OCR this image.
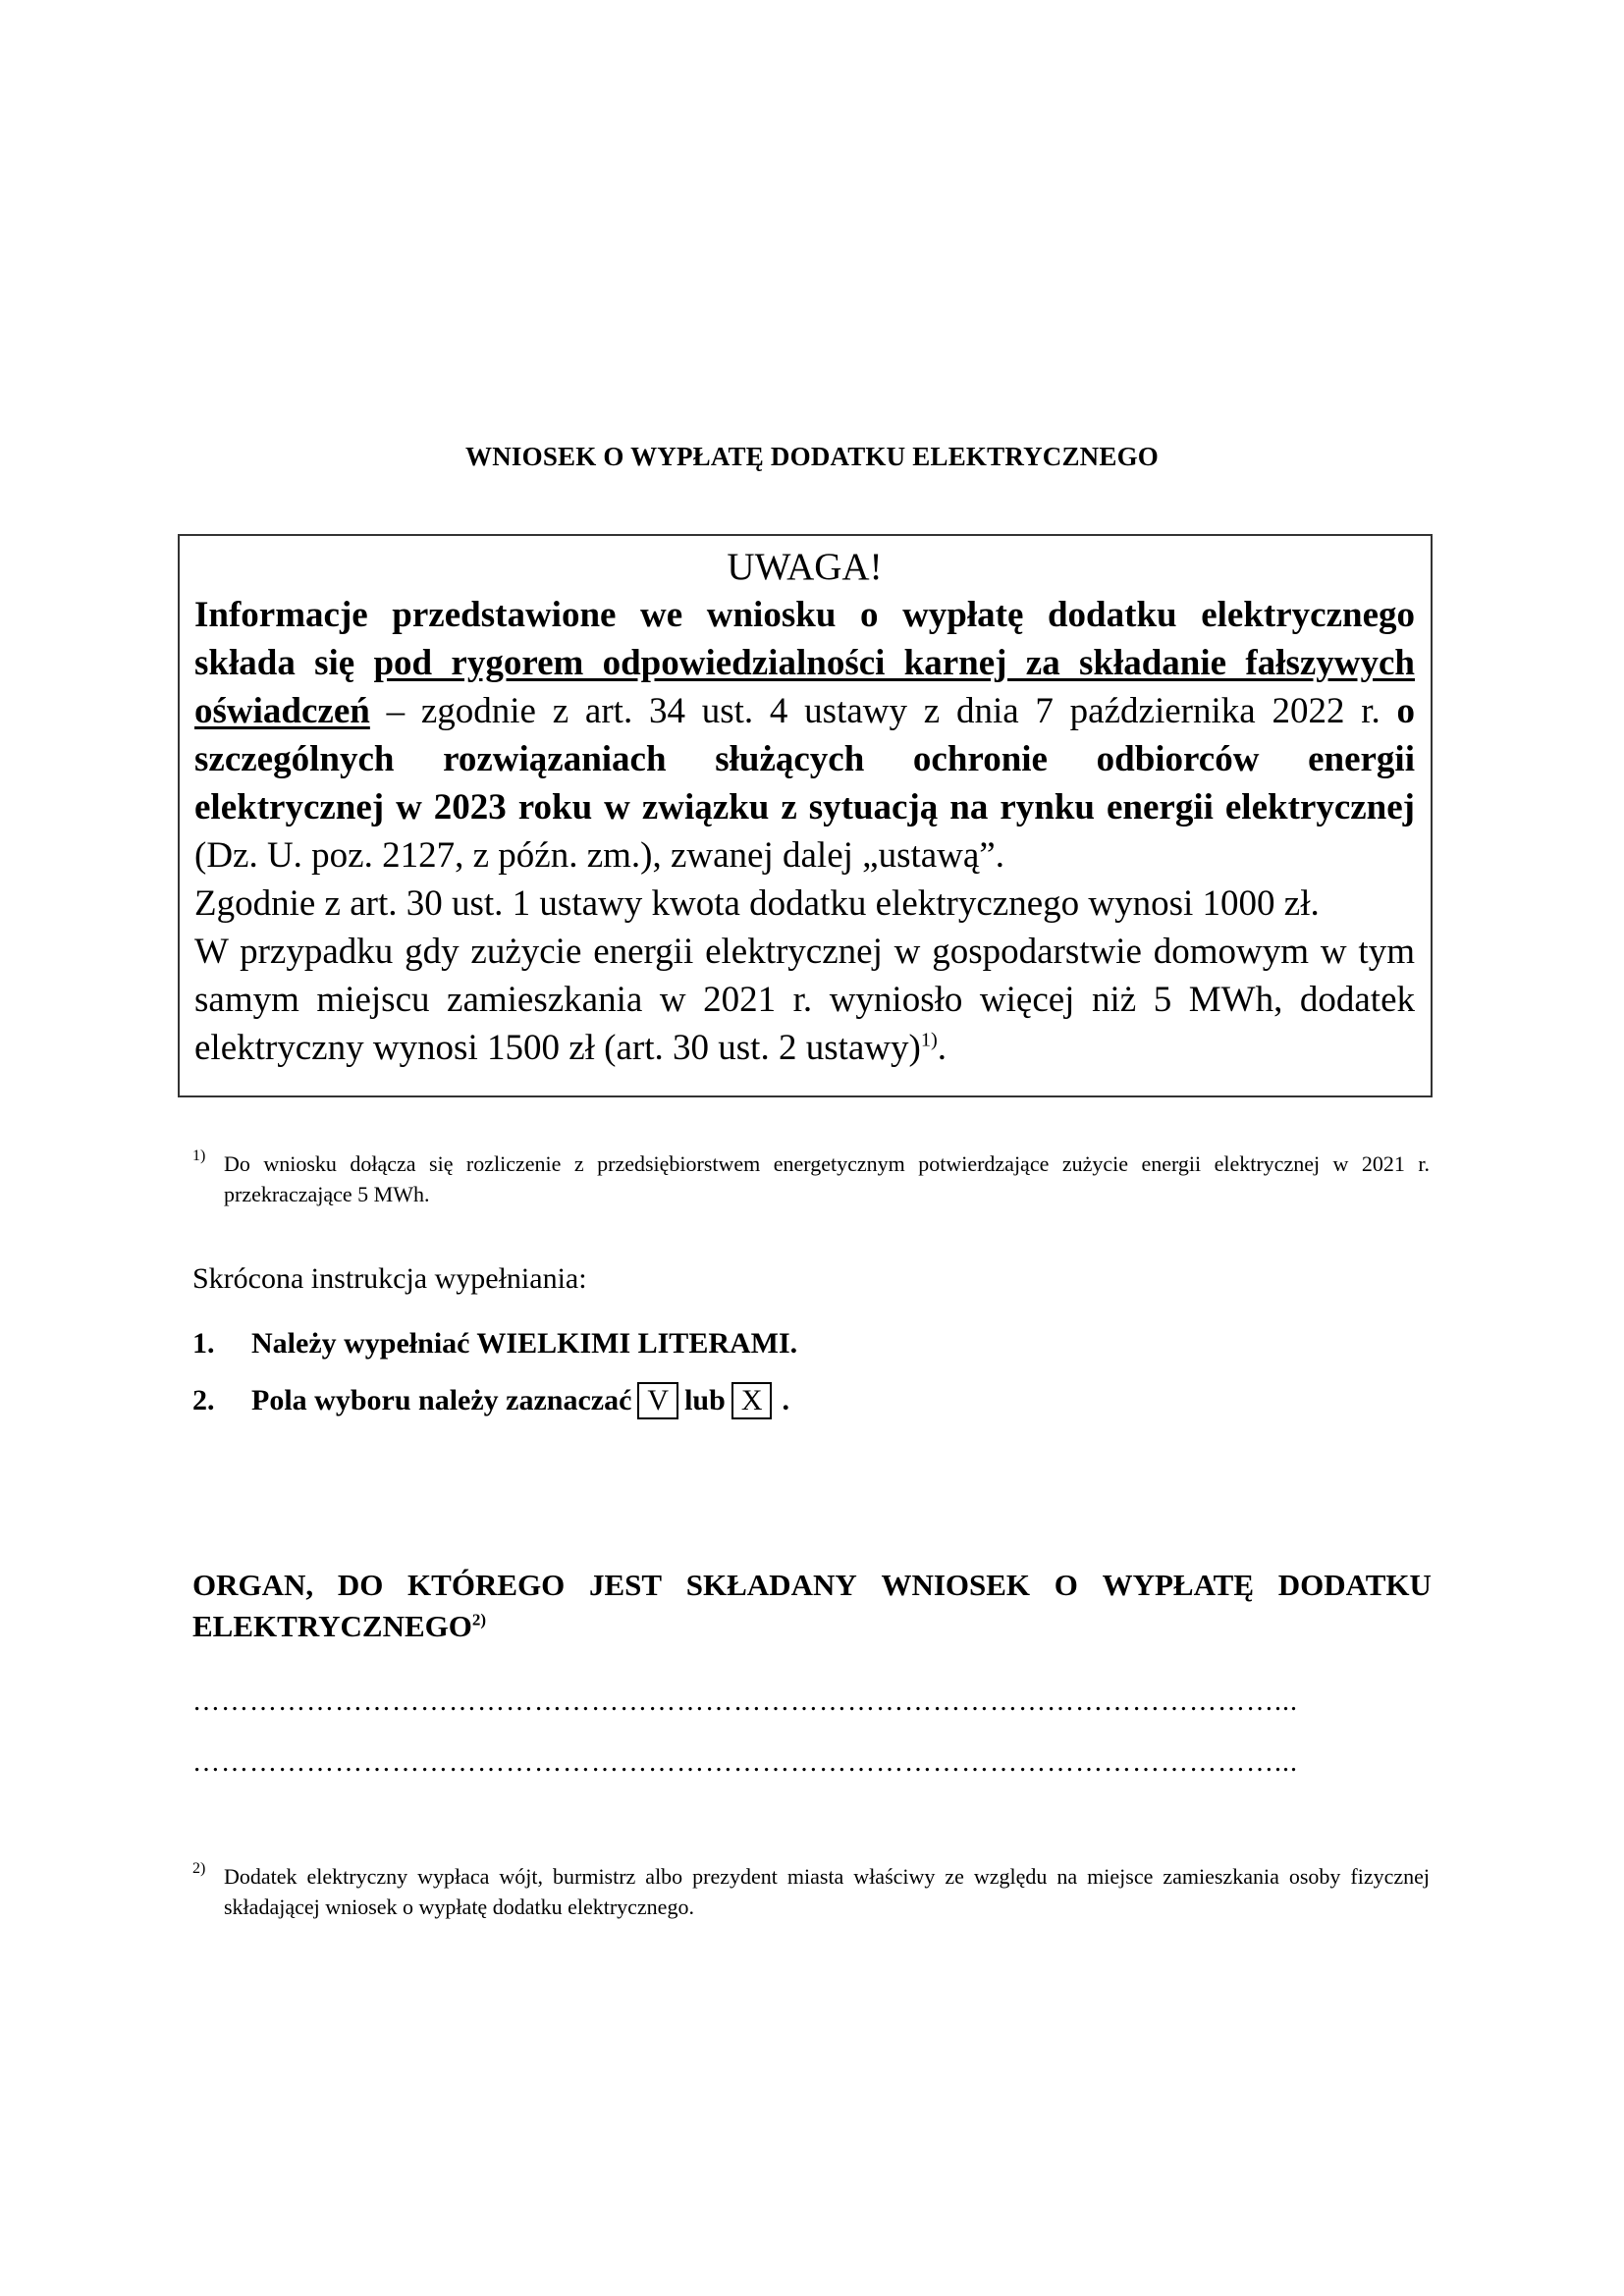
WNIOSEK O WYPŁATĘ DODATKU ELEKTRYCZNEGO
UWAGA!

Informacje przedstawione we wniosku o wypłatę dodatku elektrycznego składa się pod rygorem odpowiedzialności karnej za składanie fałszywych oświadczeń – zgodnie z art. 34 ust. 4 ustawy z dnia 7 października 2022 r. o szczególnych rozwiązaniach służących ochronie odbiorców energii elektrycznej w 2023 roku w związku z sytuacją na rynku energii elektrycznej (Dz. U. poz. 2127, z późn. zm.), zwanej dalej „ustawą”.

Zgodnie z art. 30 ust. 1 ustawy kwota dodatku elektrycznego wynosi 1000 zł.

W przypadku gdy zużycie energii elektrycznej w gospodarstwie domowym w tym samym miejscu zamieszkania w 2021 r. wyniosło więcej niż 5 MWh, dodatek elektryczny wynosi 1500 zł (art. 30 ust. 2 ustawy)$^{1)}$.

1) Do wniosku dołącza się rozliczenie z przedsiębiorstwem energetycznym potwierdzające zużycie energii elektrycznej w 2021 r. przekraczające 5 MWh.
Skrócona instrukcja wypełniania:
1.	Należy wypełniać WIELKIMI LITERAMI.
2.	Pola wyboru należy zaznaczać V lub X .
ORGAN, DO KTÓREGO JEST SKŁADANY WNIOSEK O WYPŁATĘ DODATKU
ELEKTRYCZNEGO$^{2)}$
……………………………………………………………………………………………………...
……………………………………………………………………………………………………...
2) Dodatek elektryczny wypłaca wójt, burmistrz albo prezydent miasta właściwy ze względu na miejsce zamieszkania osoby fizycznej składającej wniosek o wypłatę dodatku elektrycznego.
